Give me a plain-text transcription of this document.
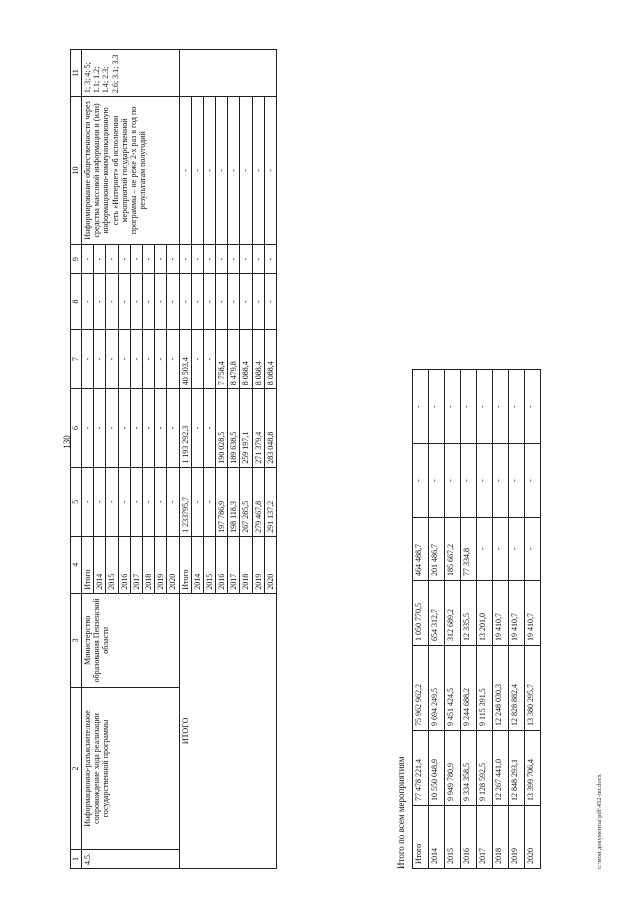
130
1	2	3	4	5	6	7	8	9	10	11
4.5.	Информационно-разъяснительное сопровождение хода реализации государственной программы	Министерство образования Пензенской области	Итого	-	-	-	-	-	Информирование общественности через средства массовой информации и (или) информационно-коммуникационную сеть «Интернет» об исполнении мероприятий государственной программы – не реже 2-х раз в год по результатам полугодий	1; 3; 4; 5; 1.1; 1.2; 1.4; 2.3; 2.6; 3.1; 3.3
			2014	-	-	-	-	-		
			2015	-	-	-	-	-		
			2016	-	-	-	-	-		
			2017	-	-	-	-	-		
			2018	-	-	-	-	-		
			2019	-	-	-	-	-		
			2020	-	-	-	-	-		
ИТОГО			Итого	1 233795,7	1 193 292,3	40 503,4	-	-	-	
			2014	-	-	-	-	-	-	
			2015	-	-	-	-	-	-	
			2016	197 786,9	190 028,5	7 758,4	-	-	-	
			2017	198 118,3	189 638,5	8 479,8	-	-	-	
			2018	267 285,5	259 197,1	8 088,4	-	-	-	
			2019	279 467,8	271 379,4	8 088,4	-	-	-	
			2020	291 137,2	283 048,8	8 088,4	-	-	-	
Итого по всем мероприятиям Итого	77 478 221,4	75 962 962,2	1 050 770,5	464 488,7	-	-
2014	10 550 048,9	9 694 249,5	654 312,7	201 486,7	-	-
2015	9 949 780,9	9 451 424,5	312 689,2	185 667,2	-	-
2016	9 334 358,5	9 244 688,2	12 335,5	77 334,8	-	-
2017	9 128 592,5	9 115 391,5	13 201,0	-	-	-
2018	12 267 441,0	12 248 030,3	19 410,7	-	-	-
2019	12 848 293,1	12 828 882,4	19 410,7	-	-	-
2020	13 399 706,4	13 380 295,7	19 410,7	-	-	-
c:\мои документы\pdf\452-пп.docx
